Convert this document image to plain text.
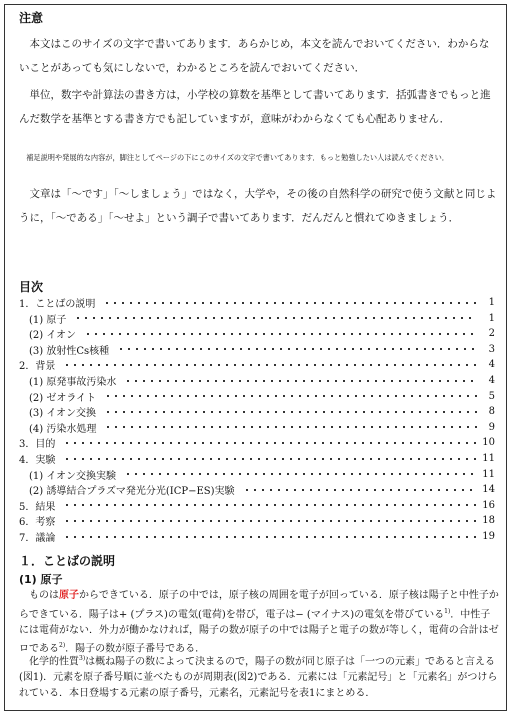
注意

本文はこのサイズの文字で書いてあります．あらかじめ，本文を読んでおいてください．わからないことがあっても気にしないで，わかるところを読んでおいてください．

単位，数字や計算法の書き方は，小学校の算数を基準として書いてあります．括弧書きでもっと進んだ数学を基準とする書き方でも記していますが，意味がわからなくても心配ありません．

補足説明や発展的な内容が，脚注としてページの下にこのサイズの文字で書いてあります．もっと勉強したい人は読んでください．

文章は「〜です」「〜しましょう」ではなく，大学や，その後の自然科学の研究で使う文献と同じように，「〜である」「〜せよ」という調子で書いてあります．だんだんと慣れてゆきましょう．

目次
1．ことばの説明	1
(1) 原子	1
(2) イオン	2
(3) 放射性Cs核種	3
2．背景	4
(1) 原発事故汚染水	4
(2) ゼオライト	5
(3) イオン交換	8
(4) 汚染水処理	9
3．目的	10
4．実験	11
(1) イオン交換実験	11
(2) 誘導結合プラズマ発光分光(ICP−ES)実験	14
5．結果	16
6．考察	18
7．議論	19
１．ことばの説明
(1) 原子

ものは原子からできている．原子の中では，原子核の周囲を電子が回っている．原子核は陽子と中性子からできている．陽子は+ (プラス)の電気(電荷)を帯び，電子は− (マイナス)の電気を帯びている$^{1)}$．中性子には電荷がない．外力が働かなければ，陽子の数が原子の中では陽子と電子の数が等しく，電荷の合計はゼロである$^{2)}$．陽子の数が原子番号である．

化学的性質$^{3)}$は概ね陽子の数によって決まるので，陽子の数が同じ原子は「一つの元素」であると言える(図1)．元素を原子番号順に並べたものが周期表(図2)である．元素には「元素記号」と「元素名」がつけられている．本日登場する元素の原子番号，元素名，元素記号を表1にまとめる．
